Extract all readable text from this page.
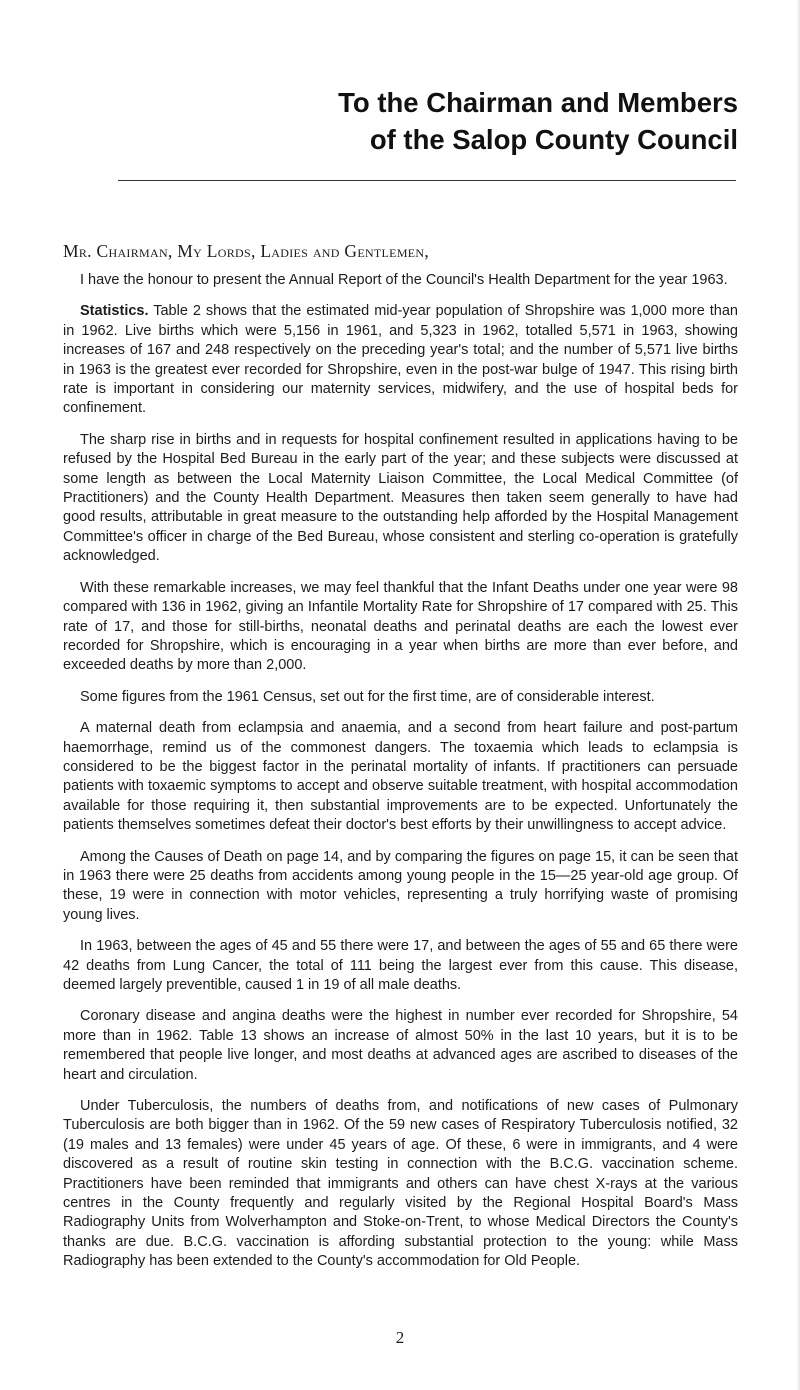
To the Chairman and Members
of the Salop County Council
Mr. Chairman, My Lords, Ladies and Gentlemen,

I have the honour to present the Annual Report of the Council's Health Department for the year 1963.

Statistics. Table 2 shows that the estimated mid-year population of Shropshire was 1,000 more than in 1962. Live births which were 5,156 in 1961, and 5,323 in 1962, totalled 5,571 in 1963, showing increases of 167 and 248 respectively on the preceding year's total; and the number of 5,571 live births in 1963 is the greatest ever recorded for Shropshire, even in the post-war bulge of 1947. This rising birth rate is important in considering our maternity services, midwifery, and the use of hospital beds for confinement.

The sharp rise in births and in requests for hospital confinement resulted in applications having to be refused by the Hospital Bed Bureau in the early part of the year; and these subjects were discussed at some length as between the Local Maternity Liaison Committee, the Local Medical Committee (of Practitioners) and the County Health Department. Measures then taken seem generally to have had good results, attributable in great measure to the outstanding help afforded by the Hospital Management Committee's officer in charge of the Bed Bureau, whose consistent and sterling co-operation is gratefully acknowledged.

With these remarkable increases, we may feel thankful that the Infant Deaths under one year were 98 compared with 136 in 1962, giving an Infantile Mortality Rate for Shropshire of 17 compared with 25. This rate of 17, and those for still-births, neonatal deaths and perinatal deaths are each the lowest ever recorded for Shropshire, which is encouraging in a year when births are more than ever before, and exceeded deaths by more than 2,000.

Some figures from the 1961 Census, set out for the first time, are of considerable interest.

A maternal death from eclampsia and anaemia, and a second from heart failure and post-partum haemorrhage, remind us of the commonest dangers. The toxaemia which leads to eclampsia is considered to be the biggest factor in the perinatal mortality of infants. If practitioners can persuade patients with toxaemic symptoms to accept and observe suitable treatment, with hospital accommodation available for those requiring it, then substantial improvements are to be expected. Unfortunately the patients themselves sometimes defeat their doctor's best efforts by their unwillingness to accept advice.

Among the Causes of Death on page 14, and by comparing the figures on page 15, it can be seen that in 1963 there were 25 deaths from accidents among young people in the 15—25 year-old age group. Of these, 19 were in connection with motor vehicles, representing a truly horrifying waste of promising young lives.

In 1963, between the ages of 45 and 55 there were 17, and between the ages of 55 and 65 there were 42 deaths from Lung Cancer, the total of 111 being the largest ever from this cause. This disease, deemed largely preventible, caused 1 in 19 of all male deaths.

Coronary disease and angina deaths were the highest in number ever recorded for Shropshire, 54 more than in 1962. Table 13 shows an increase of almost 50% in the last 10 years, but it is to be remembered that people live longer, and most deaths at advanced ages are ascribed to diseases of the heart and circulation.

Under Tuberculosis, the numbers of deaths from, and notifications of new cases of Pulmonary Tuberculosis are both bigger than in 1962. Of the 59 new cases of Respiratory Tuberculosis notified, 32 (19 males and 13 females) were under 45 years of age. Of these, 6 were in immigrants, and 4 were discovered as a result of routine skin testing in connection with the B.C.G. vaccination scheme. Practitioners have been reminded that immigrants and others can have chest X-rays at the various centres in the County frequently and regularly visited by the Regional Hospital Board's Mass Radiography Units from Wolverhampton and Stoke-on-Trent, to whose Medical Directors the County's thanks are due. B.C.G. vaccination is affording substantial protection to the young: while Mass Radiography has been extended to the County's accommodation for Old People.

2
